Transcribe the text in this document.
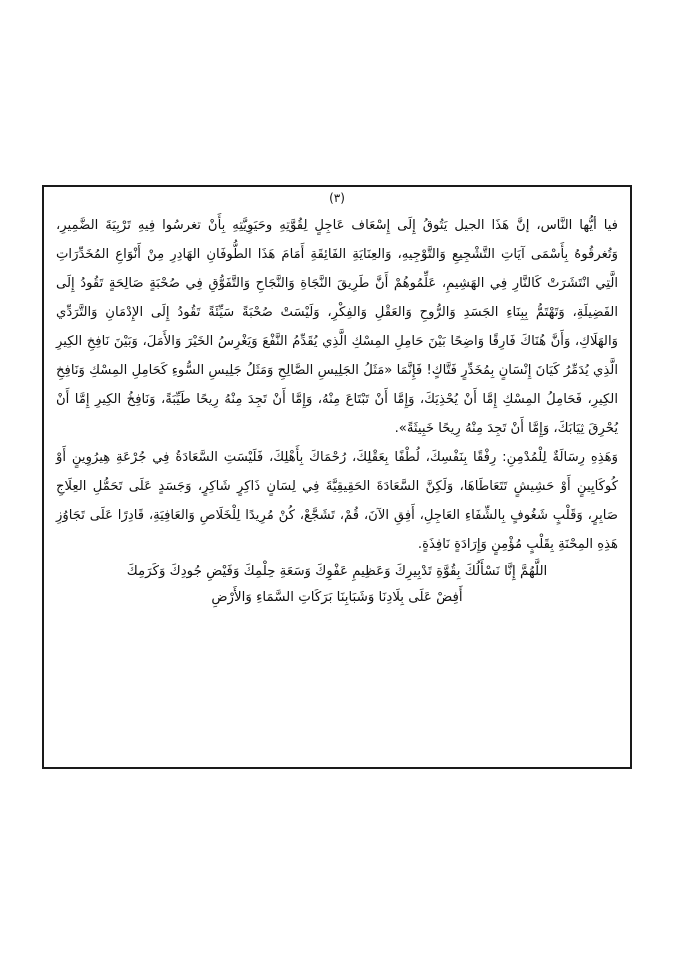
(٣)

فيا أيُّها النَّاس، إنَّ هَذَا الجيل يَتُوقُ إِلَى إِسْعَاف عَاجِلٍ لِقُوَّتِهِ وحَيَوِيَّتِهِ بِأَنْ تغرسُوا فِيهِ تَرْبِيَةَ الضَّمِيرِ، وَتُغرقُوهُ بِأَسْمَى آيَاتِ التَّشْجِيعِ وَالتَّوْجِيهِ، وَالعِنَايَةِ الفَائِقَةِ أَمَامَ هَذَا الطُّوفَانِ الهَادِرِ مِنْ أَنْوَاعِ المُخَدِّرَاتِ الَّتِي انْتَشَرَتْ كَالنَّارِ فِي الهَشِيمِ، عَلِّمُوهُمْ أَنَّ طَرِيقَ النَّجَاةِ وَالنَّجَاحِ وَالتَّفَوُّقِ فِي صُحْبَةٍ صَالِحَةٍ تَقُودُ إِلَى الفَضِيلَةِ، وَتَهْتَمُّ بِبِنَاءِ الجَسَدِ وَالرُّوحِ وَالعَقْلِ وَالفِكْرِ، وَلَيْسَتْ صُحْبَةً سَيِّئَةً تَقُودُ إِلَى الإِدْمَانِ وَالتَّرَدِّي وَالهَلَاكِ، وَأَنَّ هُنَاكَ فَارِقًا وَاضِحًا بَيْنَ حَامِلِ المِسْكِ الَّذِي يُقَدِّمُ النَّفْعَ وَيَغْرِسُ الخَيْرَ وَالأَمَلَ، وَبَيْنَ نَافِخِ الكِيرِ الَّذِي يُدَمِّرُ كَيَانَ إِنْسَانٍ بِمُخَدِّرٍ فَتَّاكٍ! فَإِنَّمَا «مَثَلُ الجَلِيسِ الصَّالِحِ وَمَثَلُ جَلِيسِ السُّوءِ كَحَامِلِ المِسْكِ وَنَافِخِ الكِيرِ، فَحَامِلُ المِسْكِ إِمَّا أَنْ يُحْذِيَكَ، وَإِمَّا أَنْ تَبْتَاعَ مِنْهُ، وَإِمَّا أَنْ تَجِدَ مِنْهُ رِيحًا طَيِّبَةً، وَنَافِخُ الكِيرِ إِمَّا أَنْ يُحْرِقَ ثِيَابَكَ، وَإِمَّا أَنْ تَجِدَ مِنْهُ رِيحًا خَبِيثَةً».

وَهَذِهِ رِسَالَةٌ لِلْمُدْمِنِ: رِفْقًا بِنَفْسِكَ، لُطْفًا بِعَقْلِكَ، رُحْمَاكَ بِأَهْلِكَ، فَلَيْسَتِ السَّعَادَةُ فِي جُرْعَةِ هِيرُوِينٍ أَوْ كُوكَايِينٍ أَوْ حَشِيشٍ تَتَعَاطَاهَا، وَلَكِنَّ السَّعَادَةَ الحَقِيقِيَّةَ فِي لِسَانٍ ذَاكِرٍ شَاكِرٍ، وَجَسَدٍ عَلَى تَحَمُّلِ العِلَاجِ صَابِرٍ، وَقَلْبٍ شَغُوفٍ بِالشِّفَاءِ العَاجِلِ، أَفِقِ الآنَ، قُمْ، تَشَجَّعْ، كُنْ مُرِيدًا لِلْخَلَاصِ وَالعَافِيَةِ، قَادِرًا عَلَى تَجَاوُزِ هَذِهِ المِحْنَةِ بِقَلْبٍ مُؤْمِنٍ وَإِرَادَةٍ نَافِذَةٍ.

اللَّهُمَّ إِنَّا نَسْأَلُكَ بِقُوَّةِ تَدْبِيرِكَ وَعَظِيمِ عَفْوِكَ وَسَعَةِ حِلْمِكَ وَفَيْضِ جُودِكَ وَكَرَمِكَ
أَفِضْ عَلَى بِلَادِنَا وَشَبَابِنَا بَرَكَاتِ السَّمَاءِ وَالأَرْضِ
